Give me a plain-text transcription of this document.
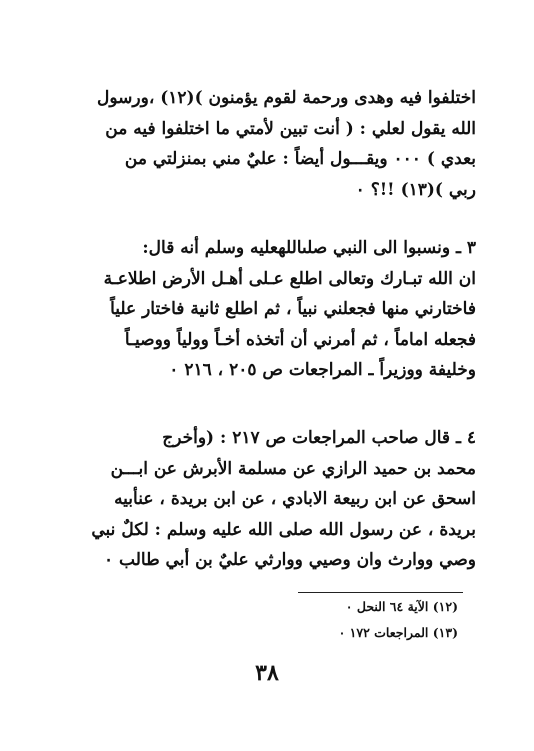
اختلفوا فيه وهدى ورحمة لقوم يؤمنون )(١٢) ،ورسول
الله يقول لعلي : ( أنت تبين لأمتي ما اختلفوا فيه من
بعدي ) ٠٠٠ ويقـــول أيضاً : عليٌ مني بمنزلتي من
ربي )(١٣) !!؟ ٠
٣ ـ ونسبوا الى النبي صلىاللهعليه وسلم أنه قال:
ان الله تبـارك وتعالى اطلع عـلى أهـل الأرض اطلاعـة
فاختارني منها فجعلني نبياً ، ثم اطلع ثانية فاختار علياً
فجعله اماماً ، ثم أمرني أن أتخذه أخـاً وولياً ووصيـاً
وخليفة ووزيراً ـ المراجعات ص ٢٠٥ ، ٢١٦ ٠
٤ ـ قال صاحب المراجعات ص ٢١٧ : (وأخرج
محمد بن حميد الرازي عن مسلمة الأبرش عن ابـــن
اسحق عن ابن ربيعة الابادي ، عن ابن بريدة ، عنأبيه
بريدة ، عن رسول الله صلى الله عليه وسلم : لكلٌ نبي
وصي ووارث وان وصيي ووارثي عليٌ بن أبي طالب ٠
(١٢) الآية ٦٤ النحل ٠
(١٣) المراجعات ١٧٢ ٠
٣٨
